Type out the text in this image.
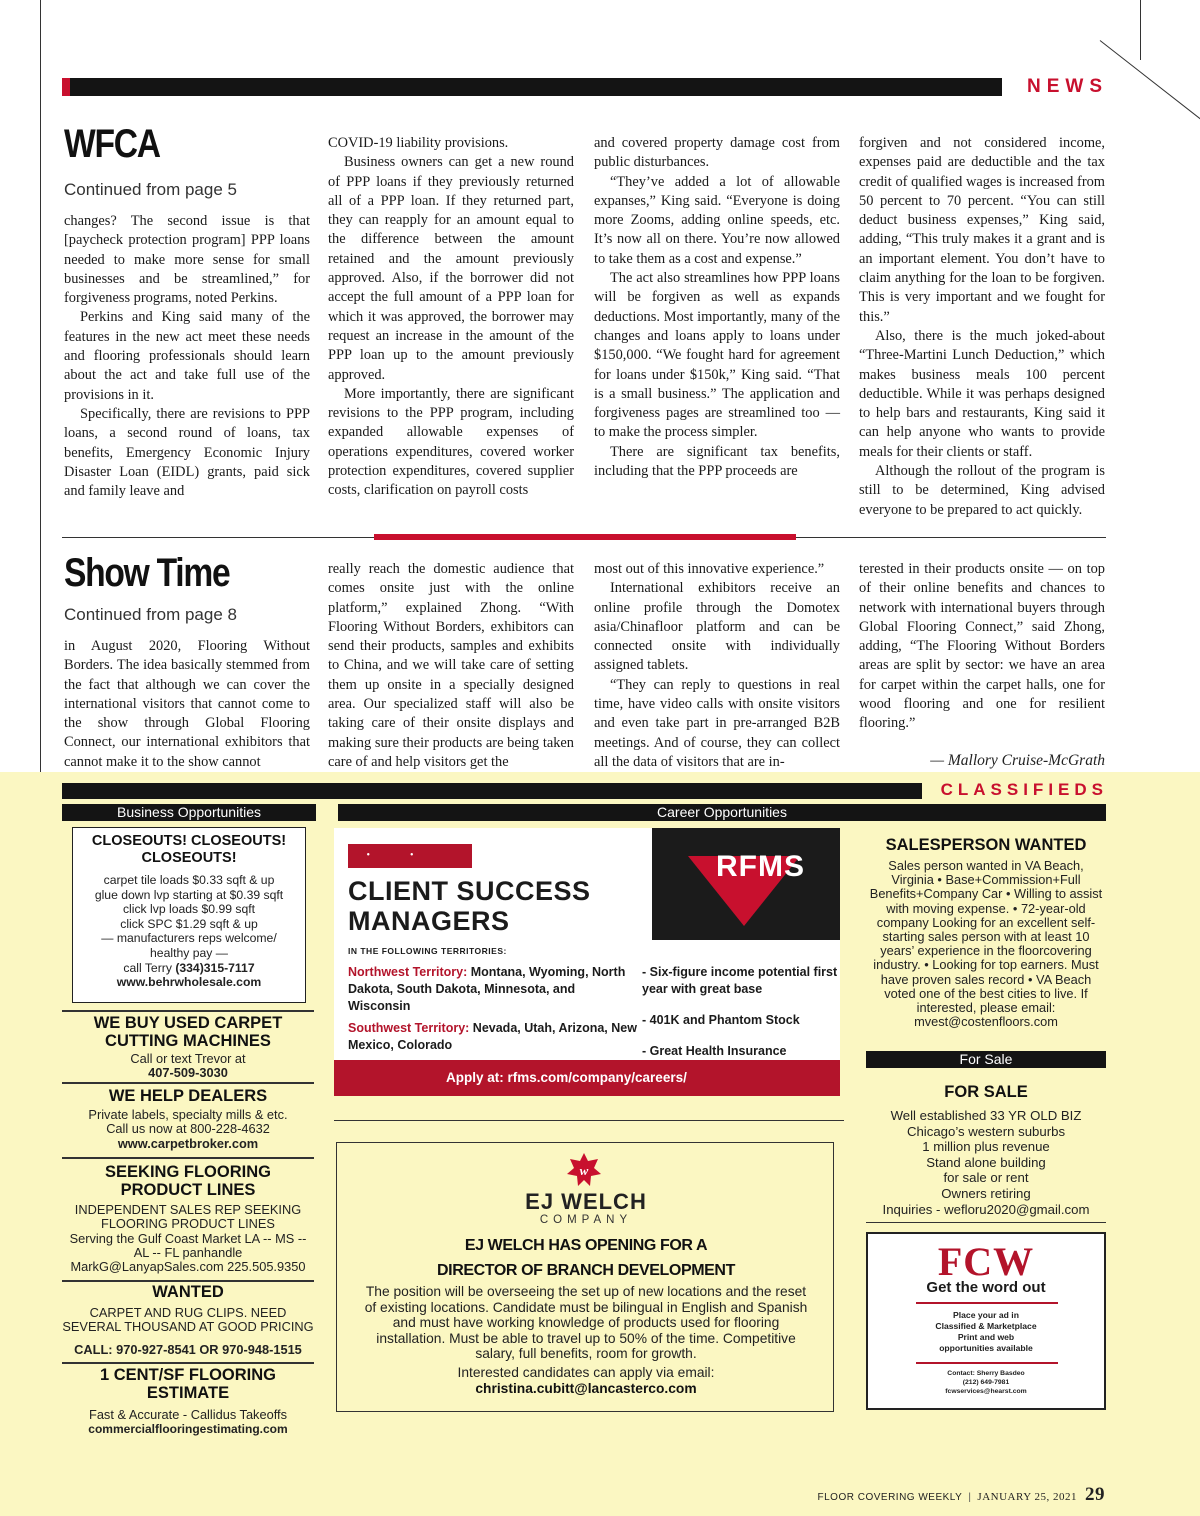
NEWS
WFCA
Continued from page 5

changes? The second issue is that [paycheck protection program] PPP loans needed to make more sense for small businesses and be streamlined,” for forgiveness programs, noted Perkins.

Perkins and King said many of the features in the new act meet these needs and flooring professionals should learn about the act and take full use of the provisions in it.

Specifically, there are revisions to PPP loans, a second round of loans, tax benefits, Emergency Economic Injury Disaster Loan (EIDL) grants, paid sick and family leave and

COVID-19 liability provisions.

Business owners can get a new round of PPP loans if they previously returned all of a PPP loan. If they returned part, they can reapply for an amount equal to the difference between the amount retained and the amount previously approved. Also, if the borrower did not accept the full amount of a PPP loan for which it was approved, the borrower may request an increase in the amount of the PPP loan up to the amount previously approved.

More importantly, there are significant revisions to the PPP program, including expanded allowable expenses of operations expenditures, covered worker protection expenditures, covered supplier costs, clarification on payroll costs

and covered property damage cost from public disturbances.

“They’ve added a lot of allowable expanses,” King said. “Everyone is doing more Zooms, adding online speeds, etc. It’s now all on there. You’re now allowed to take them as a cost and expense.”

The act also streamlines how PPP loans will be forgiven as well as expands deductions. Most importantly, many of the changes and loans apply to loans under $150,000. “We fought hard for agreement for loans under $150k,” King said. “That is a small business.” The application and forgiveness pages are streamlined too — to make the process simpler.

There are significant tax benefits, including that the PPP proceeds are

forgiven and not considered income, expenses paid are deductible and the tax credit of qualified wages is increased from 50 percent to 70 percent. “You can still deduct business expenses,” King said, adding, “This truly makes it a grant and is an important element. You don’t have to claim anything for the loan to be forgiven. This is very important and we fought for this.”

Also, there is the much joked-about “Three-Martini Lunch Deduction,” which makes business meals 100 percent deductible. While it was perhaps designed to help bars and restaurants, King said it can help anyone who wants to provide meals for their clients or staff.

Although the rollout of the program is still to be determined, King advised everyone to be prepared to act quickly.

Show Time
Continued from page 8

in August 2020, Flooring Without Borders. The idea basically stemmed from the fact that although we can cover the international visitors that cannot come to the show through Global Flooring Connect, our international exhibitors that cannot make it to the show cannot

really reach the domestic audience that comes onsite just with the online platform,” explained Zhong. “With Flooring Without Borders, exhibitors can send their products, samples and exhibits to China, and we will take care of setting them up onsite in a specially designed area. Our specialized staff will also be taking care of their onsite displays and making sure their products are being taken care of and help visitors get the

most out of this innovative experience.”

International exhibitors receive an online profile through the Domotex asia/Chinafloor platform and can be connected onsite with individually assigned tablets.

“They can reply to questions in real time, have video calls with onsite visitors and even take part in pre-arranged B2B meetings. And of course, they can collect all the data of visitors that are in-

terested in their products onsite — on top of their online benefits and chances to network with international buyers through Global Flooring Connect,” said Zhong, adding, “The Flooring Without Borders areas are split by sector: we have an area for carpet within the carpet halls, one for wood flooring and one for resilient flooring.”

— Mallory Cruise-McGrath
CLASSIFIEDS
Business Opportunities	Career Opportunities
CLOSEOUTS! CLOSEOUTS! CLOSEOUTS!
carpet tile loads $0.33 sqft & up
glue down lvp starting at $0.39 sqft
click lvp loads $0.99 sqft
click SPC $1.29 sqft & up
— manufacturers reps welcome/
healthy pay —
call Terry (334)315-7117
www.behrwholesale.com
WE BUY USED CARPET CUTTING MACHINES
Call or text Trevor at
407-509-3030
WE HELP DEALERS
Private labels, specialty mills & etc.
Call us now at 800-228-4632
www.carpetbroker.com
SEEKING FLOORING PRODUCT LINES
INDEPENDENT SALES REP SEEKING FLOORING PRODUCT LINES
Serving the Gulf Coast Market LA -- MS -- AL -- FL panhandle
MarkG@LanyapSales.com 225.505.9350
WANTED
CARPET AND RUG CLIPS. NEED SEVERAL THOUSAND AT GOOD PRICING
CALL: 970-927-8541 OR 970-948-1515
1 CENT/SF FLOORING ESTIMATE
Fast & Accurate - Callidus Takeoffs
commercialflooringestimating.com
••	RFMS
CLIENT SUCCESS
MANAGERS
IN THE FOLLOWING TERRITORIES:
Northwest Territory: Montana, Wyoming, North Dakota, South Dakota, Minnesota, and Wisconsin
Southwest Territory: Nevada, Utah, Arizona, New Mexico, Colorado
- Six-figure income potential first year with great base
- 401K and Phantom Stock
- Great Health Insurance
Apply at: rfms.com/company/careers/
w
EJ WELCH
COMPANY
EJ WELCH HAS OPENING FOR A
DIRECTOR OF BRANCH DEVELOPMENT
The position will be overseeing the set up of new locations and the reset of existing locations. Candidate must be bilingual in English and Spanish and must have working knowledge of products used for flooring installation. Must be able to travel up to 50% of the time. Competitive salary, full benefits, room for growth.
Interested candidates can apply via email:
christina.cubitt@lancasterco.com
SALESPERSON WANTED
Sales person wanted in VA Beach, Virginia • Base+Commission+Full Benefits+Company Car • Willing to assist with moving expense. • 72-year-old company Looking for an excellent self-starting sales person with at least 10 years’ experience in the floorcovering industry. • Looking for top earners. Must have proven sales record • VA Beach voted one of the best cities to live. If interested, please email: mvest@costenfloors.com
For Sale
FOR SALE
Well established 33 YR OLD BIZ
Chicago’s western suburbs
1 million plus revenue
Stand alone building
for sale or rent
Owners retiring
Inquiries - wefloru2020@gmail.com
FCW
Get the word out
Place your ad in
Classified & Marketplace
Print and web
opportunities available
Contact: Sherry Basdeo
(212) 649-7981
fcwservices@hearst.com
FLOOR COVERING WEEKLY | JANUARY 25, 2021 29
